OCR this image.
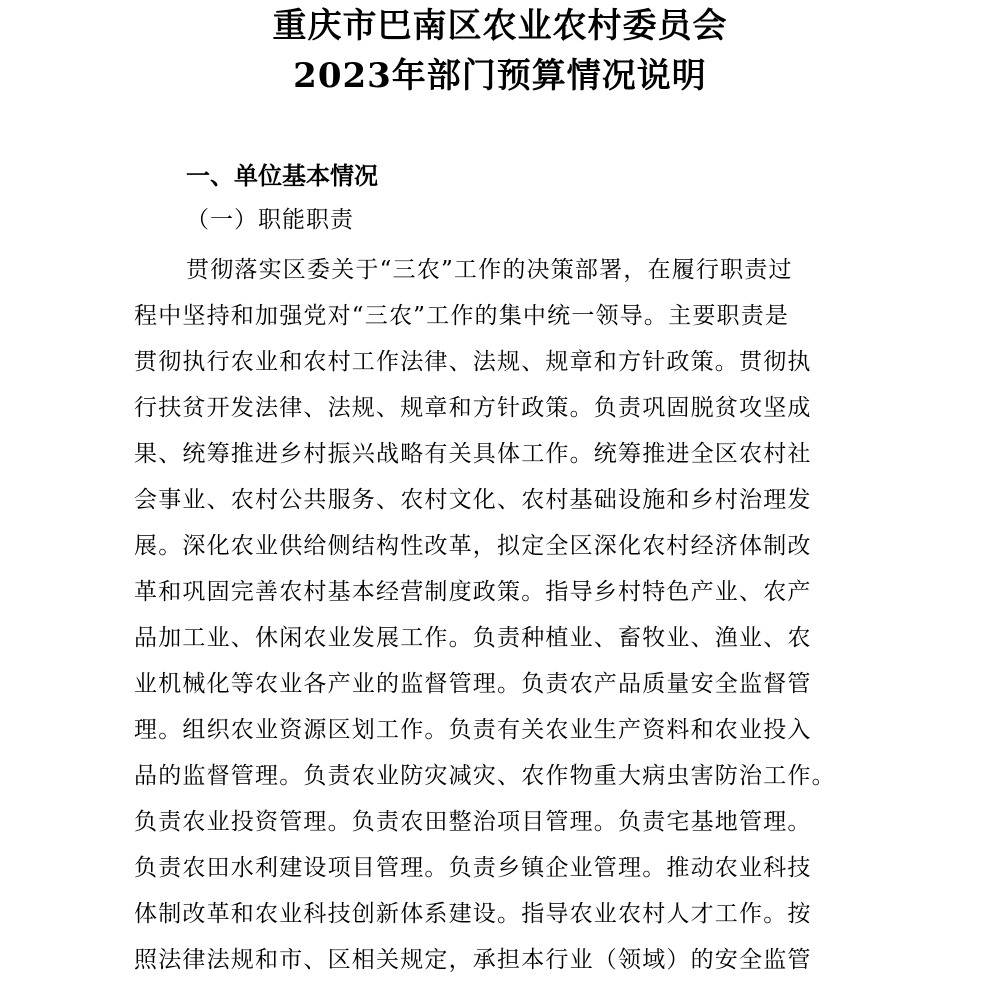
重庆市巴南区农业农村委员会
2023年部门预算情况说明
一、单位基本情况
（一）职能职责
贯彻落实区委关于“三农”工作的决策部署，在履行职责过
程中坚持和加强党对“三农”工作的集中统一领导。主要职责是
贯彻执行农业和农村工作法律、法规、规章和方针政策。贯彻执
行扶贫开发法律、法规、规章和方针政策。负责巩固脱贫攻坚成
果、统筹推进乡村振兴战略有关具体工作。统筹推进全区农村社
会事业、农村公共服务、农村文化、农村基础设施和乡村治理发
展。深化农业供给侧结构性改革，拟定全区深化农村经济体制改
革和巩固完善农村基本经营制度政策。指导乡村特色产业、农产
品加工业、休闲农业发展工作。负责种植业、畜牧业、渔业、农
业机械化等农业各产业的监督管理。负责农产品质量安全监督管
理。组织农业资源区划工作。负责有关农业生产资料和农业投入
品的监督管理。负责农业防灾减灾、农作物重大病虫害防治工作。
负责农业投资管理。负责农田整治项目管理。负责宅基地管理。
负责农田水利建设项目管理。负责乡镇企业管理。推动农业科技
体制改革和农业科技创新体系建设。指导农业农村人才工作。按
照法律法规和市、区相关规定，承担本行业（领域）的安全监管
